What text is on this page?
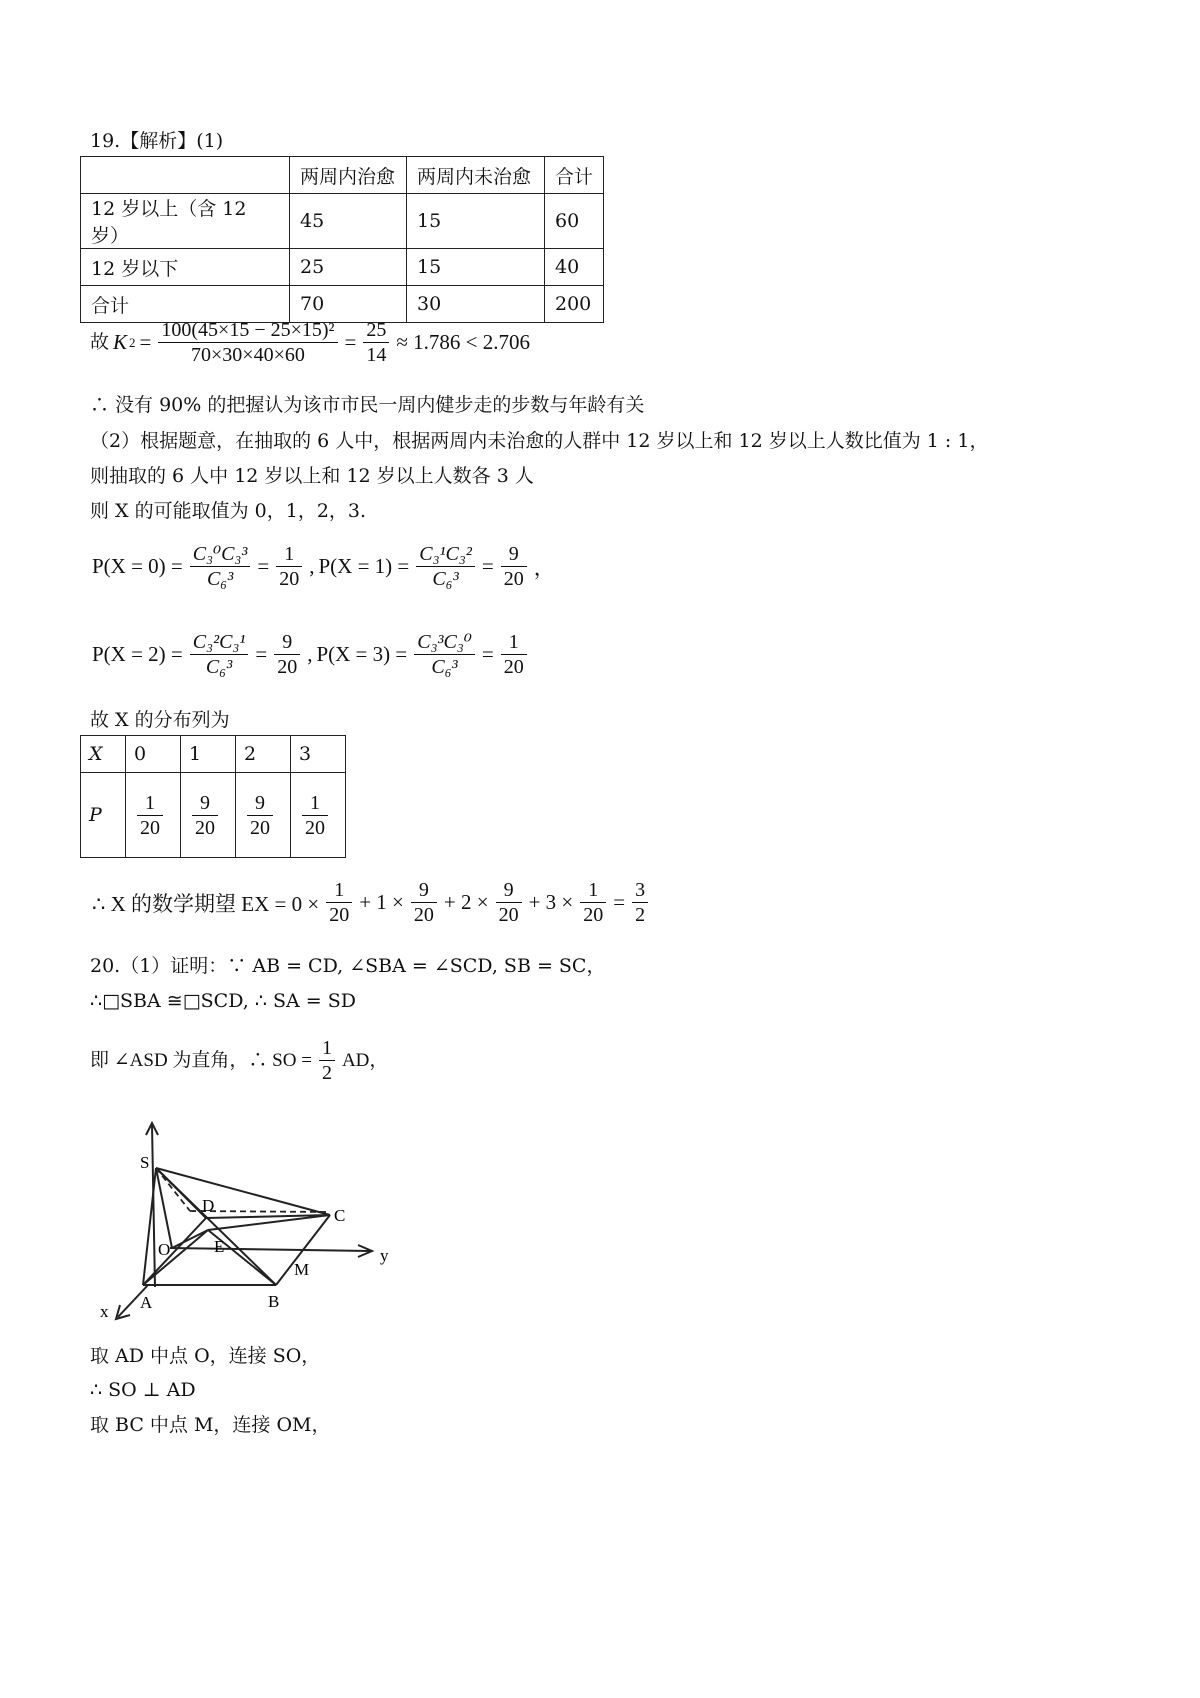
19.【解析】(1)
	两周内治愈	两周内未治愈	合计
12 岁以上（含 12 岁）	45	15	60
12 岁以下	25	15	40
合计	70	30	200
故 K $2 = \frac{\text{100(45×15 − 25×15)²}}{70\times 30\times 40\times 60} = \frac{25}{14} \approx 1.786 < 2.706$
∴ 没有 90% 的把握认为该市市民一周内健步走的步数与年龄有关
（2）根据题意，在抽取的 6 人中，根据两周内未治愈的人群中 12 岁以上和 12 岁以上人数比值为 1 : 1，
则抽取的 6 人中 12 岁以上和 12 岁以上人数各 3 人
则 X 的可能取值为 0，1，2，3.
$P(X = 0) = \frac{\text{C₃⁰C₃³}}{\text{C₆³}} = \frac{1}{20}$ , $P(X = 1) = \frac{\text{C₃¹C₃²}}{\text{C₆³}} = \frac{9}{20}$ ，
$P(X = 2) = \frac{\text{C₃²C₃¹}}{\text{C₆³}} = \frac{9}{20}$ , $P(X = 3) = \frac{\text{C₃³C₃⁰}}{\text{C₆³}} = \frac{1}{20}$
故 X 的分布列为
X	0	1	2	3
P	$\frac{1}{20}$	$\frac{9}{20}$	$\frac{9}{20}$	$\frac{1}{20}$
∴ X 的数学期望 EX = $0 \times \frac{1}{20} + 1 \times \frac{9}{20} + 2 \times \frac{9}{20} + 3 \times \frac{1}{20} = \frac{3}{2}$
20.（1）证明：∵ AB = CD, ∠SBA = ∠SCD, SB = SC，
∴□SBA ≅□SCD, ∴ SA = SD
即 ∠ASD 为直角，∴ SO = $\frac{1}{2}$ AD，
S
D
C
O	E
A	B
M
x
y
取 AD 中点 O，连接 SO，
∴ SO ⊥ AD
取 BC 中点 M，连接 OM，
